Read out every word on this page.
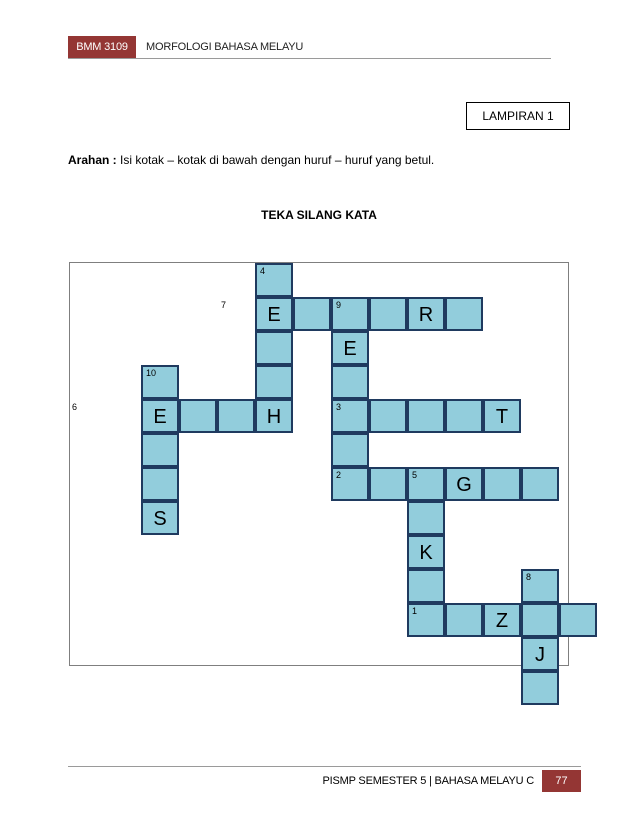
BMM 3109	MORFOLOGI BAHASA MELAYU
LAMPIRAN 1
Arahan : Isi kotak – kotak di bawah dengan huruf – huruf yang betul.
TEKA SILANG KATA
4
E	9	R
E
10
E	H	3	T
2	5	G
S
K
8
1	Z
J
6
7
PISMP SEMESTER 5 | BAHASA MELAYU C	77
